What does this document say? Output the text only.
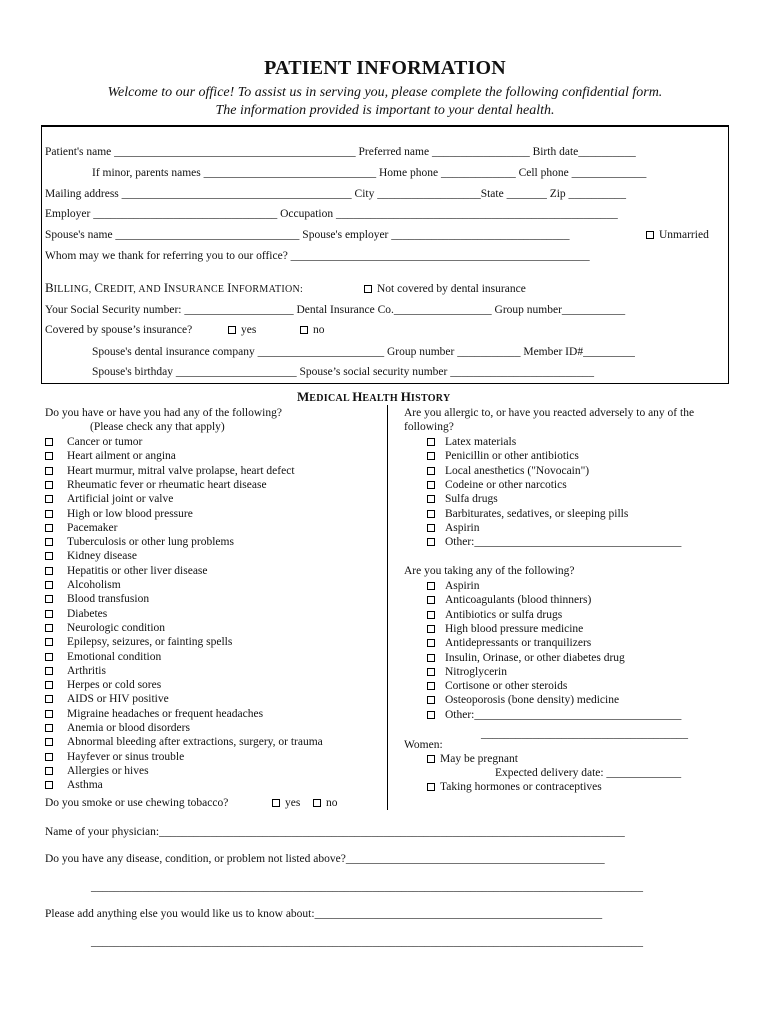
PATIENT INFORMATION
Welcome to our office! To assist us in serving you, please complete the following confidential form.
The information provided is important to your dental health.
Patient's name __________________________________________ Preferred name _________________ Birth date__________
If minor, parents names ______________________________ Home phone _____________ Cell phone _____________
Mailing address ________________________________________ City __________________State _______ Zip __________
Employer ________________________________ Occupation _________________________________________________
Spouse's name ________________________________ Spouse's employer _______________________________	Unmarried
Whom may we thank for referring you to our office? ____________________________________________________
BILLING, CREDIT, AND INSURANCE INFORMATION:	Not covered by dental insurance
Your Social Security number: ___________________ Dental Insurance Co._________________ Group number___________
Covered by spouse’s insurance?	yes	no
Spouse's dental insurance company ______________________ Group number ___________ Member ID#_________
Spouse's birthday _____________________ Spouse’s social security number _________________________
MEDICAL HEALTH HISTORY
Do you have or have you had any of the following?
(Please check any that apply)
Cancer or tumor
Heart ailment or angina
Heart murmur, mitral valve prolapse, heart defect
Rheumatic fever or rheumatic heart disease
Artificial joint or valve
High or low blood pressure
Pacemaker
Tuberculosis or other lung problems
Kidney disease
Hepatitis or other liver disease
Alcoholism
Blood transfusion
Diabetes
Neurologic condition
Epilepsy, seizures, or fainting spells
Emotional condition
Arthritis
Herpes or cold sores
AIDS or HIV positive
Migraine headaches or frequent headaches
Anemia or blood disorders
Abnormal bleeding after extractions, surgery, or trauma
Hayfever or sinus trouble
Allergies or hives
Asthma
Do you smoke or use chewing tobacco?	yes	no
Are you allergic to, or have you reacted adversely to any of the
following?
Latex materials
Penicillin or other antibiotics
Local anesthetics ("Novocain")
Codeine or other narcotics
Sulfa drugs
Barbiturates, sedatives, or sleeping pills
Aspirin
Other:____________________________________
Are you taking any of the following?
Aspirin
Anticoagulants (blood thinners)
Antibiotics or sulfa drugs
High blood pressure medicine
Antidepressants or tranquilizers
Insulin, Orinase, or other diabetes drug
Nitroglycerin
Cortisone or other steroids
Osteoporosis (bone density) medicine
Other:____________________________________
____________________________________
Women:
May be pregnant
Expected delivery date: _____________
Taking hormones or contraceptives
Name of your physician:_________________________________________________________________________________
Do you have any disease, condition, or problem not listed above?_____________________________________________
________________________________________________________________________________________________
Please add anything else you would like us to know about:__________________________________________________
________________________________________________________________________________________________
